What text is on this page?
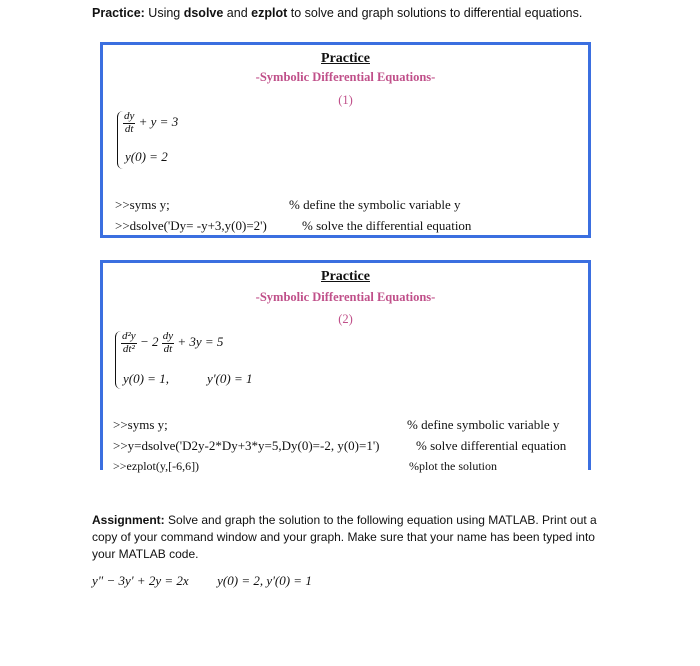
Practice: Using dsolve and ezplot to solve and graph solutions to differential equations.
Practice
-Symbolic Differential Equations-
(1)
$\frac{dy}{dt} + y = 3$
y(0) = 2
>>syms y;	% define the symbolic variable y
>>dsolve('Dy= -y+3,y(0)=2')	% solve the differential equation
Practice
-Symbolic Differential Equations-
(2)
$\frac{\text{d²y}}{\text{dt²}} - 2 \frac{dy}{dt} + 3y = 5$
y(0) = 1,	y'(0) = 1
>>syms y;	% define symbolic variable y
>>y=dsolve('D2y-2*Dy+3*y=5,Dy(0)=-2, y(0)=1')	% solve differential equation
>>ezplot(y,[-6,6])	%plot the solution
Assignment: Solve and graph the solution to the following equation using MATLAB. Print out a copy of your command window and your graph. Make sure that your name has been typed into your MATLAB code.
y" − 3y' + 2y = 2x y(0) = 2, y'(0) = 1
